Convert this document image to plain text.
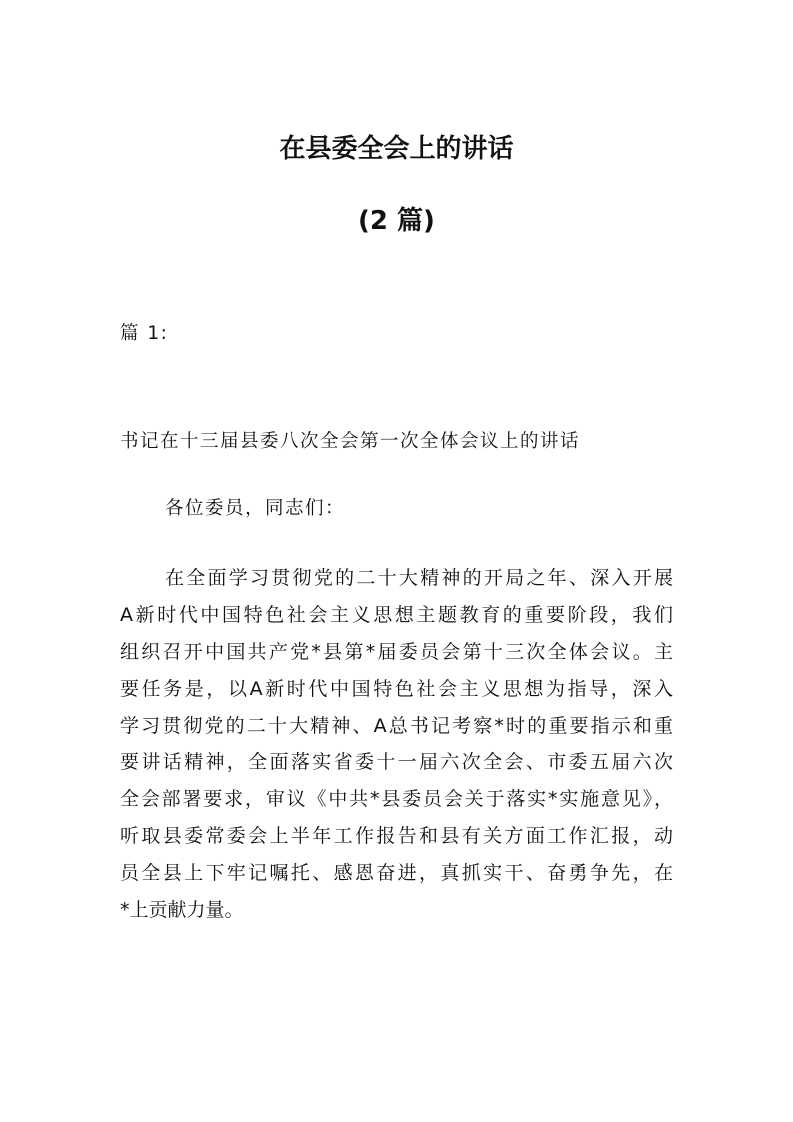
在县委全会上的讲话
(2 篇)
篇 1:
书记在十三届县委八次全会第一次全体会议上的讲话
各位委员，同志们：
在全面学习贯彻党的二十大精神的开局之年、深入开展
A新时代中国特色社会主义思想主题教育的重要阶段，我们
组织召开中国共产党*县第*届委员会第十三次全体会议。主
要任务是，以A新时代中国特色社会主义思想为指导，深入
学习贯彻党的二十大精神、A总书记考察*时的重要指示和重
要讲话精神，全面落实省委十一届六次全会、市委五届六次
全会部署要求，审议《中共*县委员会关于落实*实施意见》，
听取县委常委会上半年工作报告和县有关方面工作汇报，动
员全县上下牢记嘱托、感恩奋进，真抓实干、奋勇争先，在
*上贡献力量。
